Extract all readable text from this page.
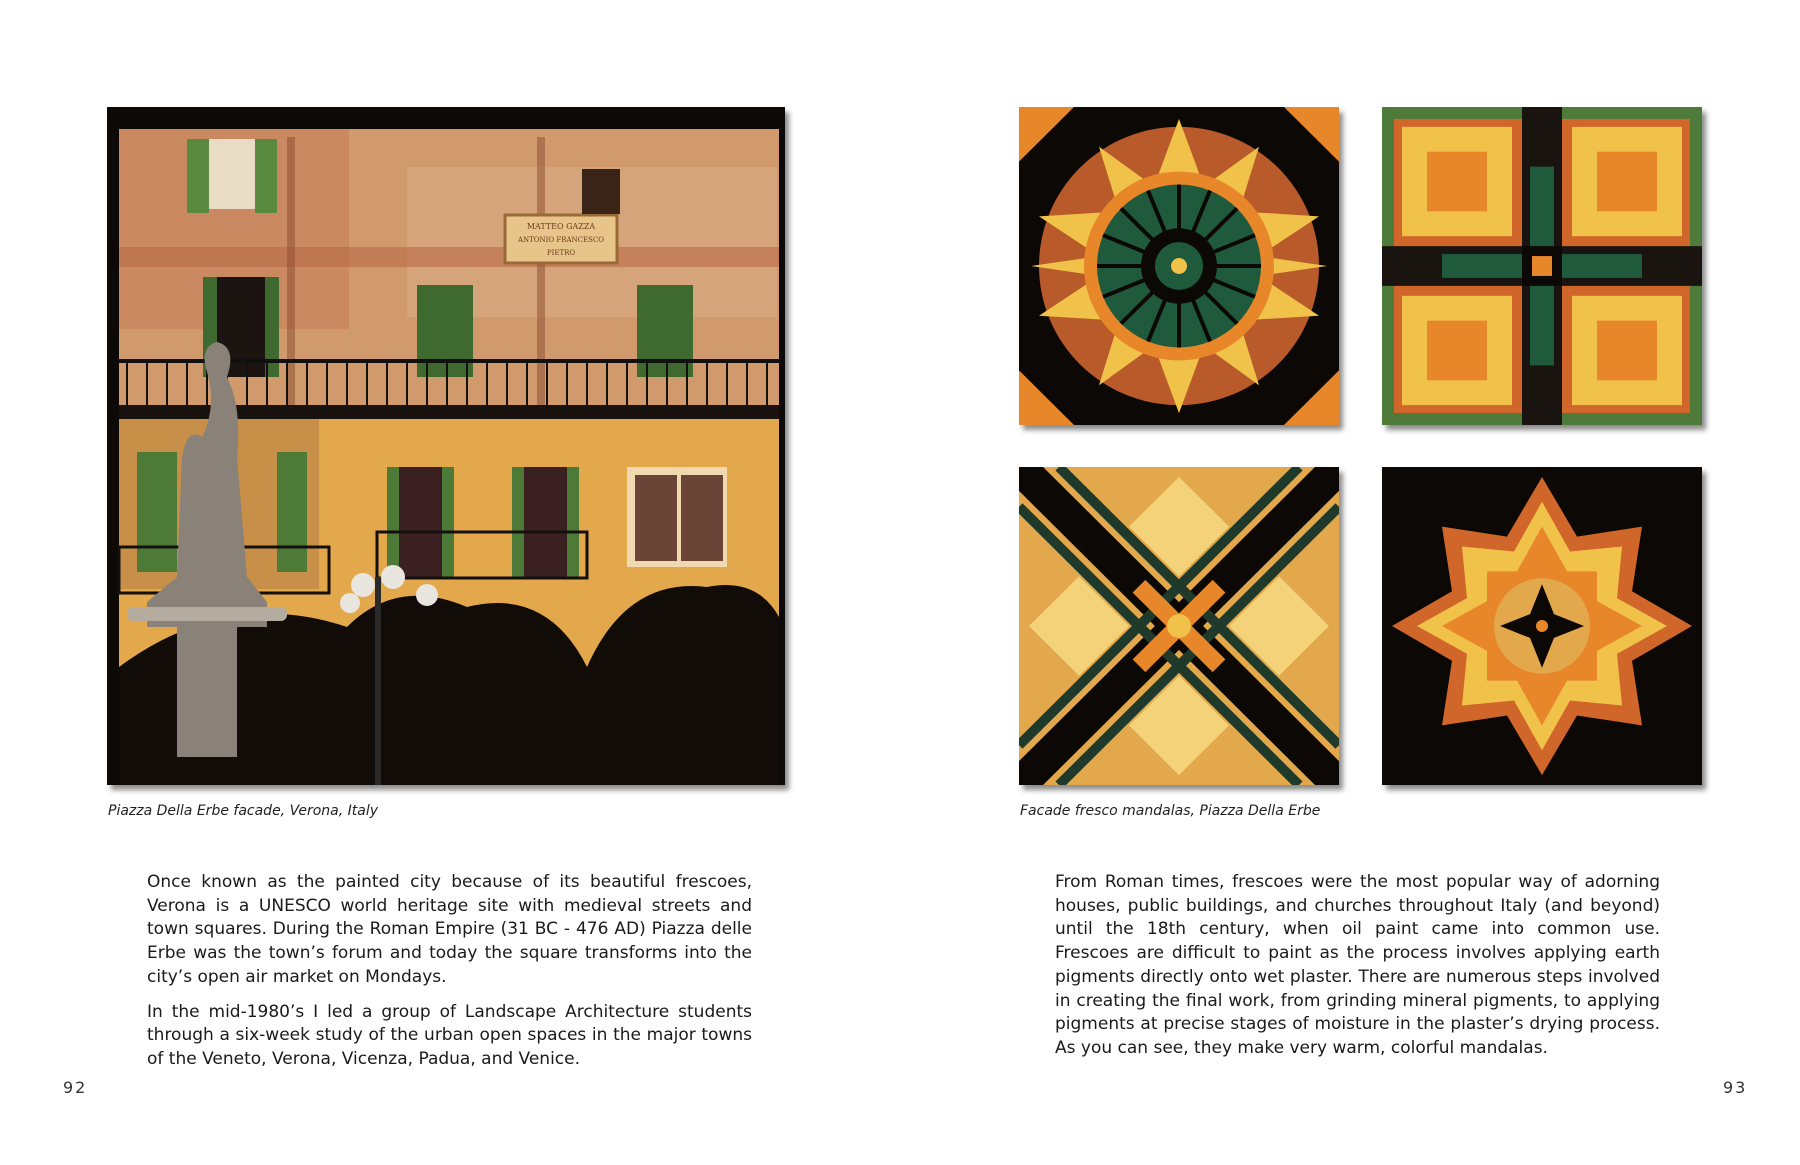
MATTEO GAZZA
ANTONIO FRANCESCO
PIETRO
Piazza Della Erbe facade, Verona, Italy

Once known as the painted city because of its beautiful frescoes, Verona is a UNESCO world heritage site with medieval streets and town squares. During the Roman Empire (31 BC - 476 AD) Piazza delle Erbe was the town’s forum and today the square transforms into the city’s open air market on Mondays.

In the mid-1980’s I led a group of Landscape Architecture students through a six-week study of the urban open spaces in the major towns of the Veneto, Verona, Vicenza, Padua, and Venice.

92
Facade fresco mandalas, Piazza Della Erbe

From Roman times, frescoes were the most popular way of adorning houses, public buildings, and churches throughout Italy (and beyond) until the 18th century, when oil paint came into common use. Frescoes are difficult to paint as the process involves applying earth pigments directly onto wet plaster. There are numerous steps involved in creating the final work, from grinding mineral pigments, to applying pigments at precise stages of moisture in the plaster’s drying process. As you can see, they make very warm, colorful mandalas.

93
